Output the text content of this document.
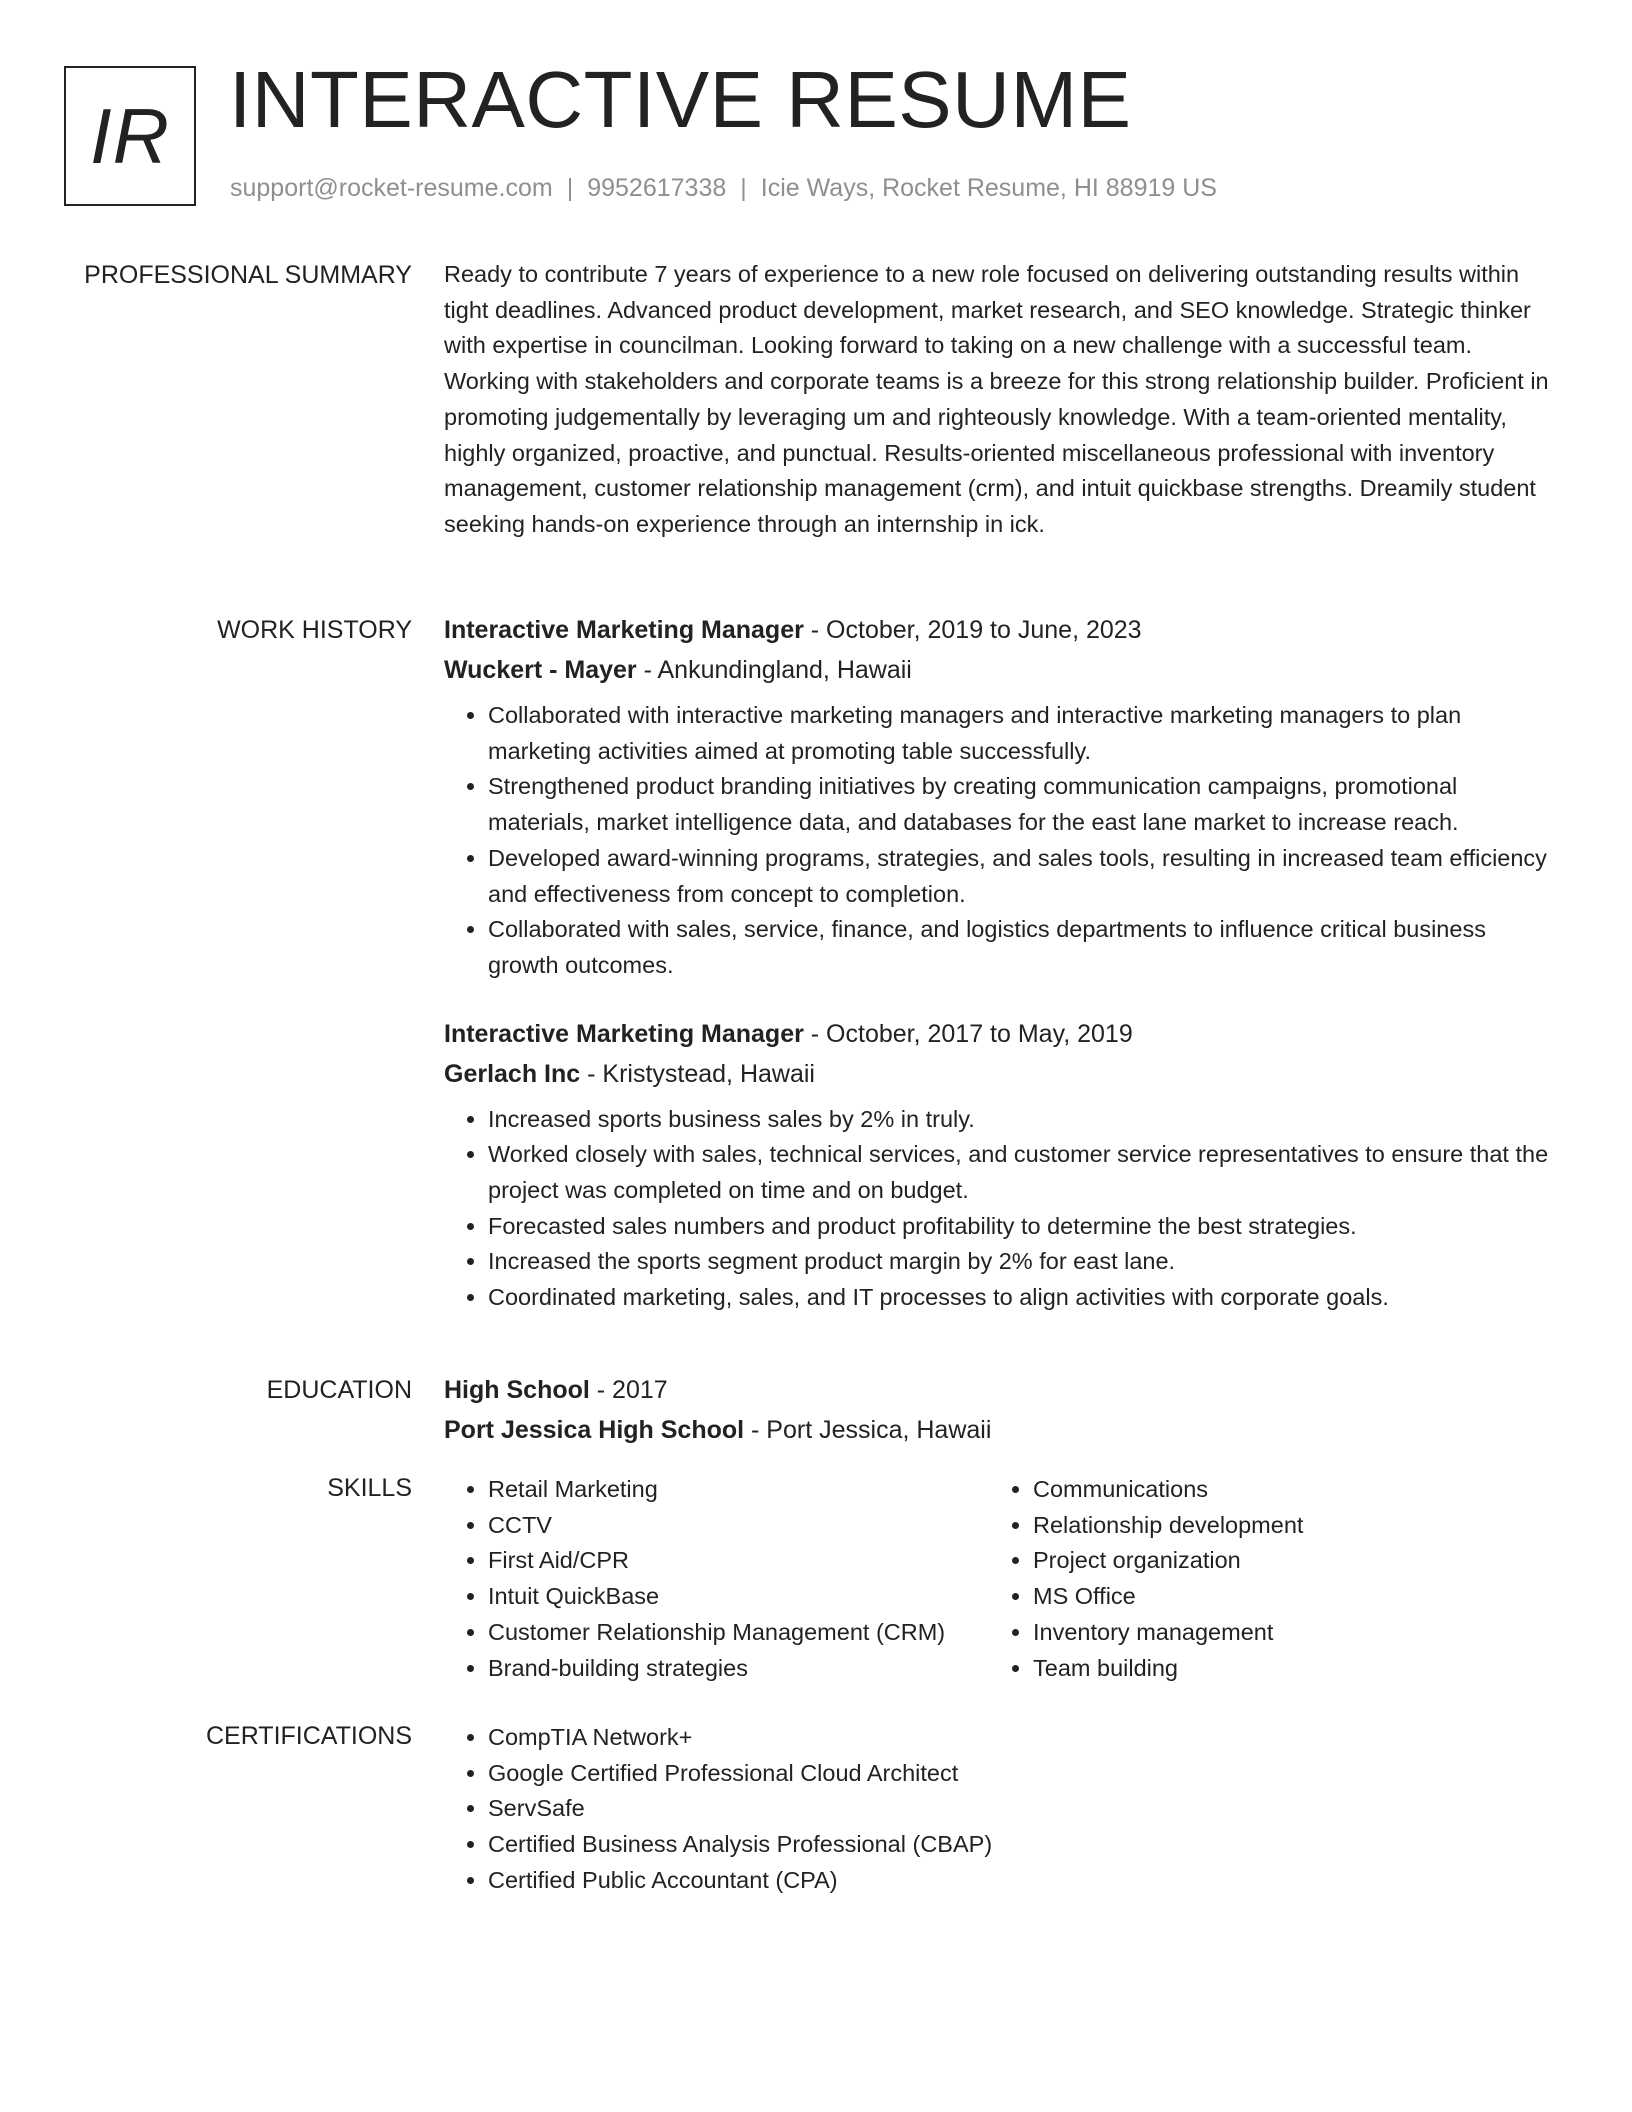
IR INTERACTIVE RESUME
support@rocket-resume.com | 9952617338 | Icie Ways, Rocket Resume, HI 88919 US
PROFESSIONAL SUMMARY Ready to contribute 7 years of experience to a new role focused on delivering outstanding results within tight deadlines. Advanced product development, market research, and SEO knowledge. Strategic thinker with expertise in councilman. Looking forward to taking on a new challenge with a successful team. Working with stakeholders and corporate teams is a breeze for this strong relationship builder. Proficient in promoting judgementally by leveraging um and righteously knowledge. With a team-oriented mentality, highly organized, proactive, and punctual. Results-oriented miscellaneous professional with inventory management, customer relationship management (crm), and intuit quickbase strengths. Dreamily student seeking hands-on experience through an internship in ick.

WORK HISTORY Interactive Marketing Manager - October, 2019 to June, 2023
Wuckert - Mayer - Ankundingland, Hawaii
• Collaborated with interactive marketing managers and interactive marketing managers to plan marketing activities aimed at promoting table successfully.
• Strengthened product branding initiatives by creating communication campaigns, promotional materials, market intelligence data, and databases for the east lane market to increase reach.
• Developed award-winning programs, strategies, and sales tools, resulting in increased team efficiency and effectiveness from concept to completion.
• Collaborated with sales, service, finance, and logistics departments to influence critical business growth outcomes.
Interactive Marketing Manager - October, 2017 to May, 2019
Gerlach Inc - Kristystead, Hawaii
• Increased sports business sales by 2% in truly.
• Worked closely with sales, technical services, and customer service representatives to ensure that the project was completed on time and on budget.
• Forecasted sales numbers and product profitability to determine the best strategies.
• Increased the sports segment product margin by 2% for east lane.
• Coordinated marketing, sales, and IT processes to align activities with corporate goals.
EDUCATION High School - 2017
Port Jessica High School - Port Jessica, Hawaii
SKILLS	• Retail Marketing
• CCTV
• First Aid/CPR
• Intuit QuickBase
• Customer Relationship Management (CRM)
• Brand-building strategies
• Communications
• Relationship development
• Project organization
• MS Office
• Inventory management
• Team building
CERTIFICATIONS	• CompTIA Network+
• Google Certified Professional Cloud Architect
• ServSafe
• Certified Business Analysis Professional (CBAP)
• Certified Public Accountant (CPA)
